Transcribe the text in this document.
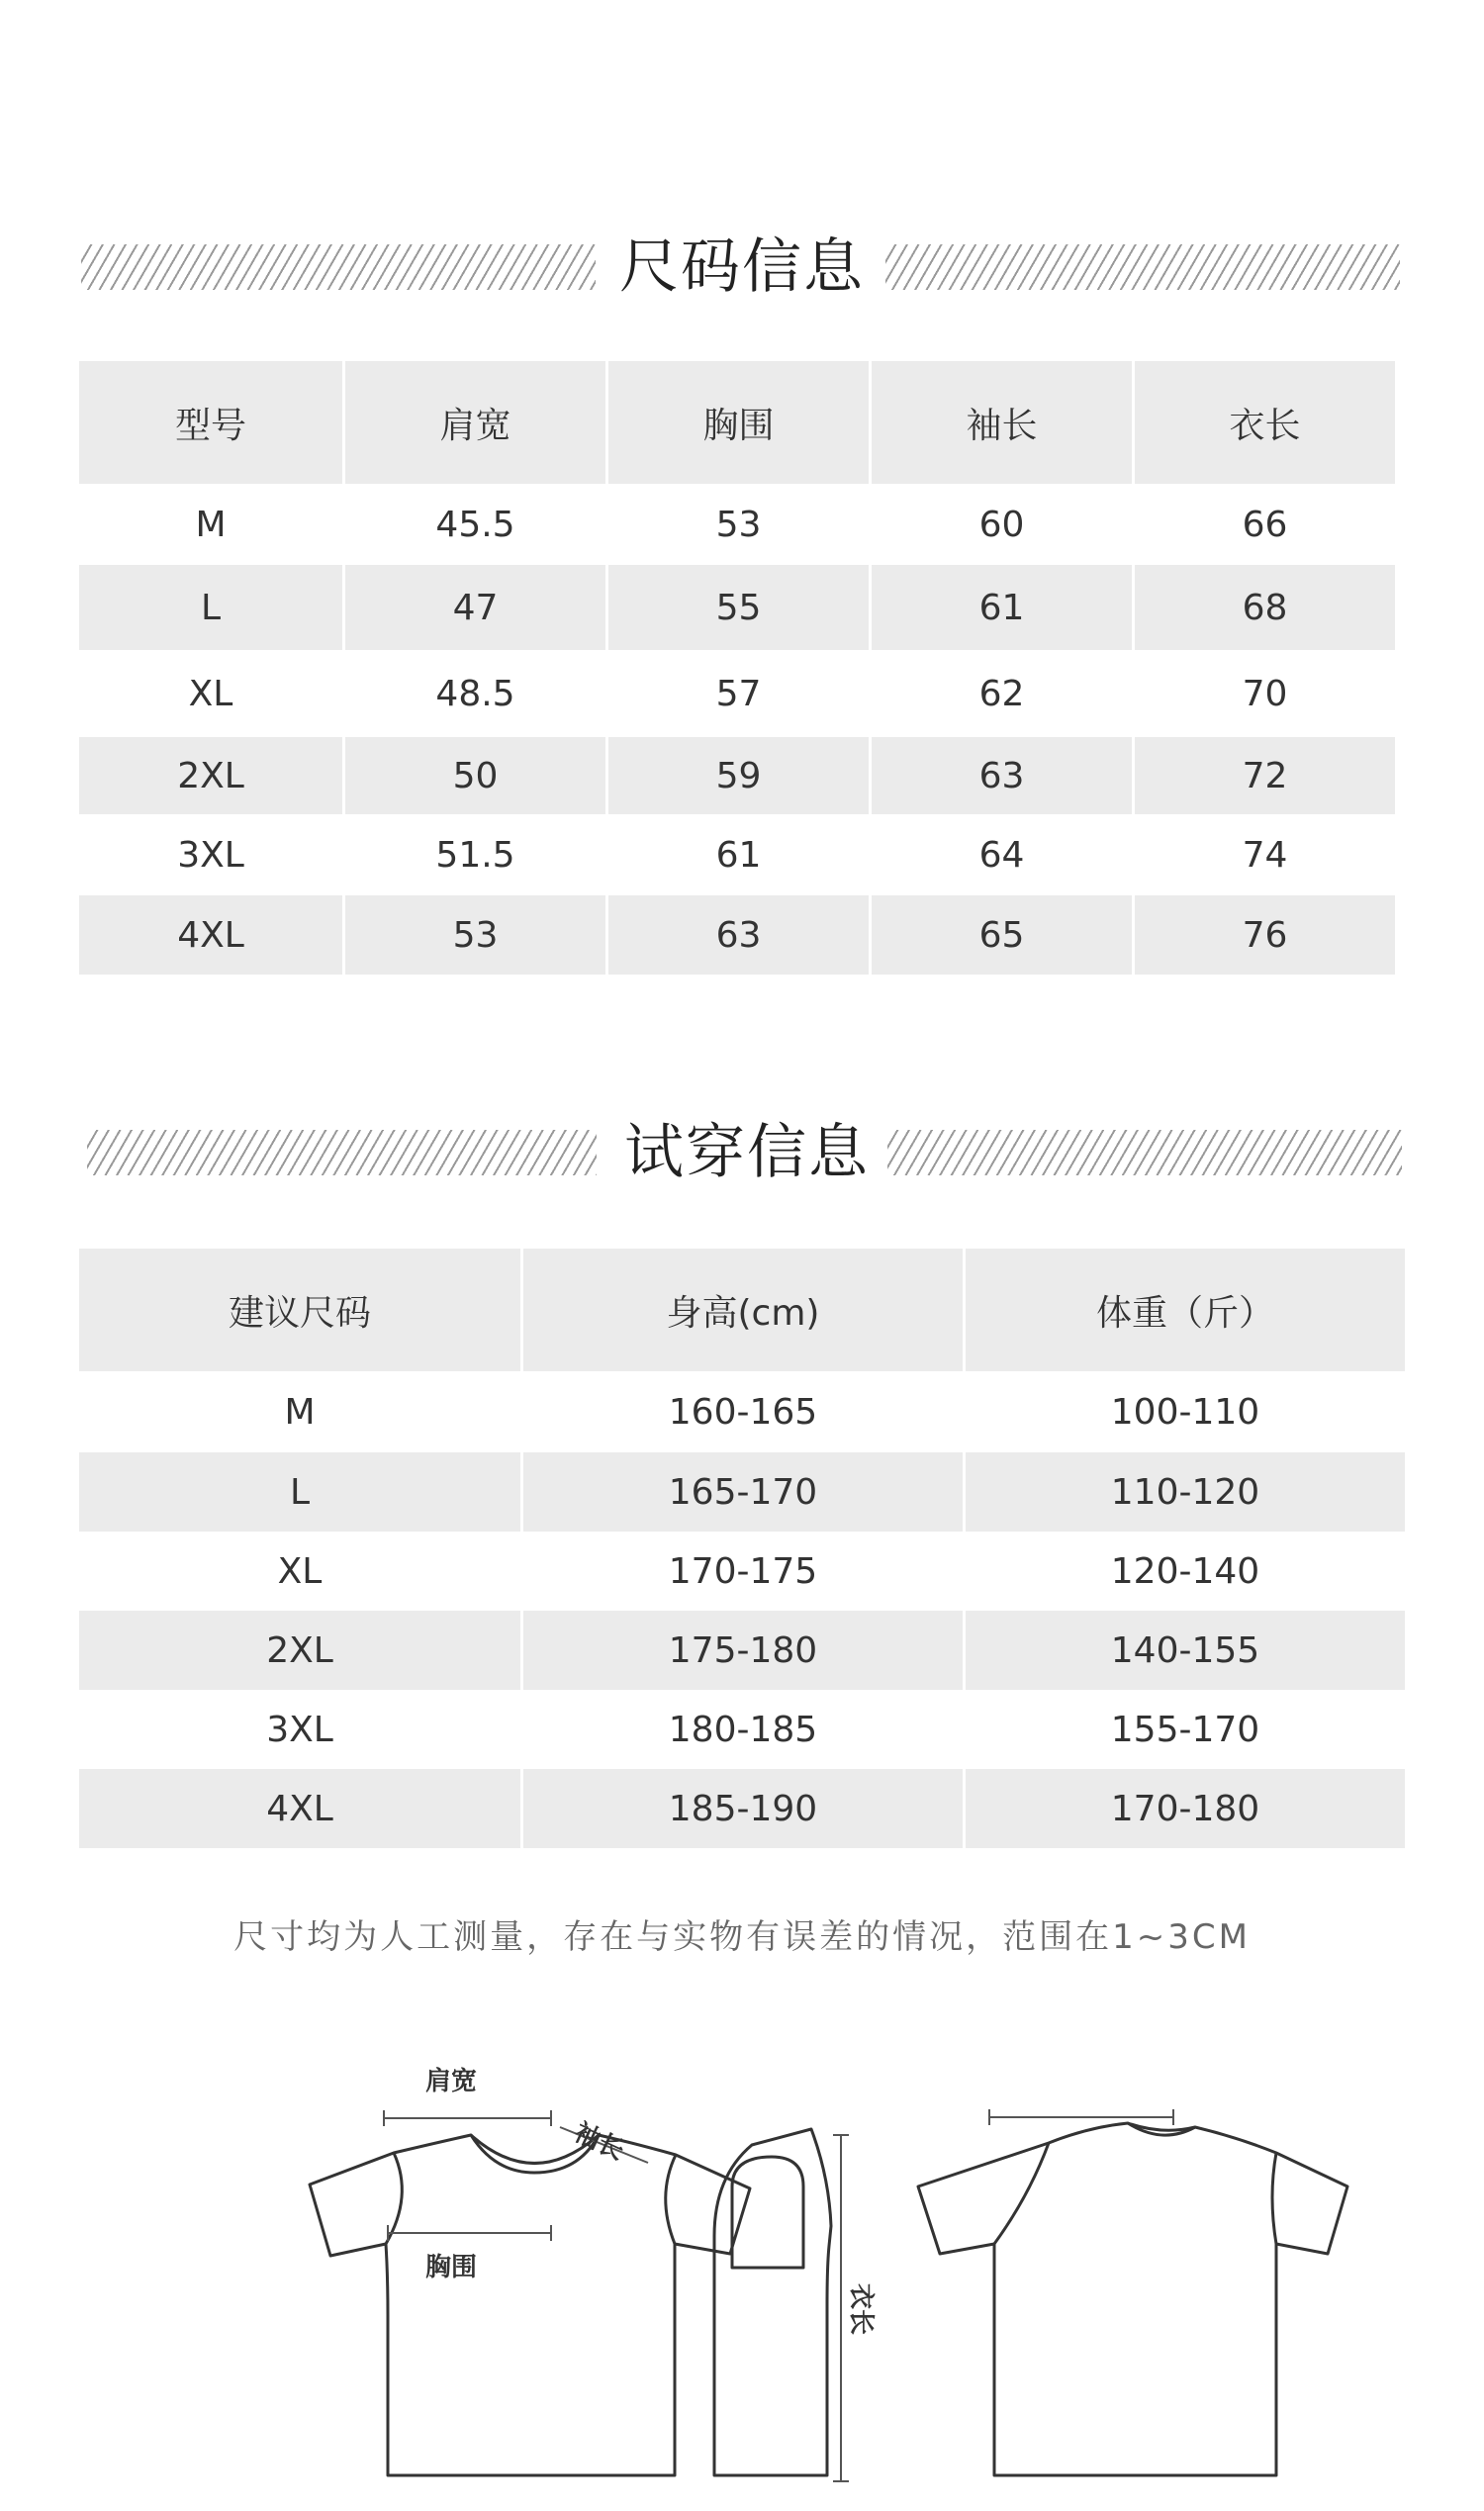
尺码信息
型号	肩宽	胸围	袖长	衣长
M	45.5	53	60	66
L	47	55	61	68
XL	48.5	57	62	70
2XL	50	59	63	72
3XL	51.5	61	64	74
4XL	53	63	65	76
试穿信息
建议尺码	身高(cm)	体重（斤）
M	160-165	100-110
L	165-170	110-120
XL	170-175	120-140
2XL	175-180	140-155
3XL	180-185	155-170
4XL	185-190	170-180
尺寸均为人工测量，存在与实物有误差的情况，范围在1~3CM
肩宽
袖长
胸围
衣长
